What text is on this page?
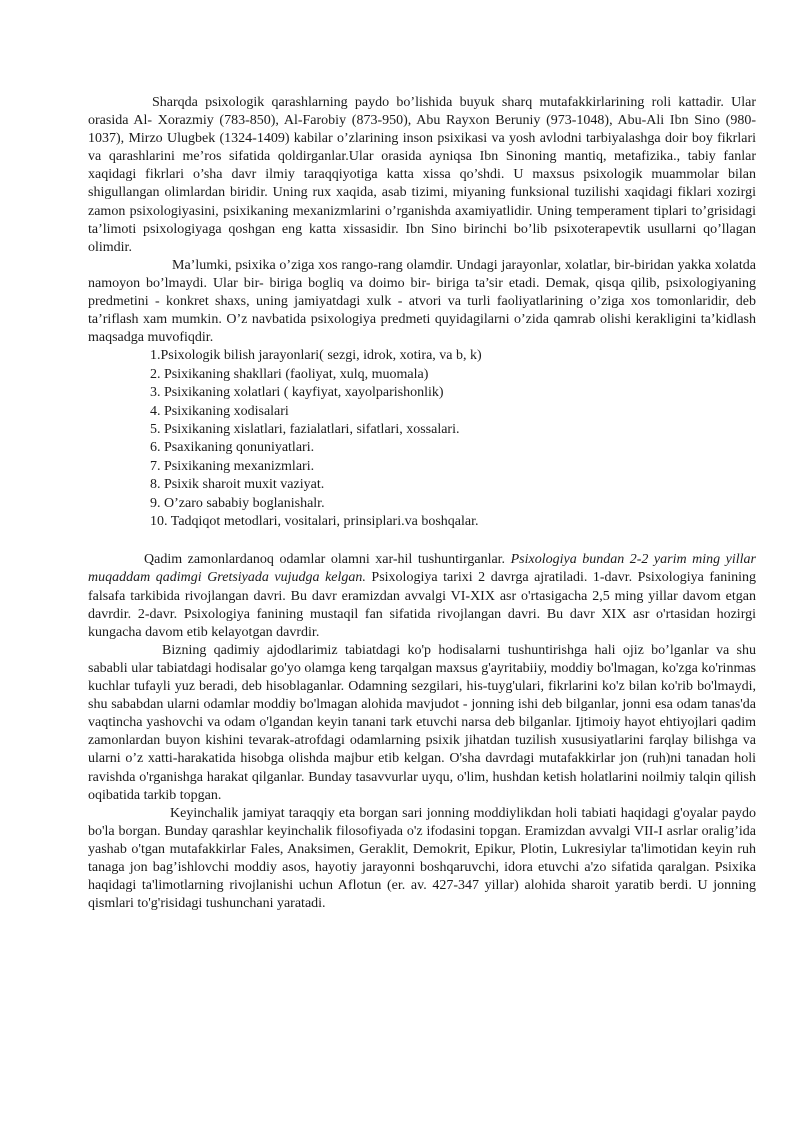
Sharqda psixologik qarashlarning paydo bo’lishida buyuk sharq mutafakkirlarining roli kattadir. Ular orasida Al- Xorazmiy (783-850), Al-Farobiy (873-950), Abu Rayxon Beruniy (973-1048), Abu-Ali Ibn Sino (980-1037), Mirzo Ulugbek (1324-1409) kabilar o’zlarining inson psixikasi va yosh avlodni tarbiyalashga doir boy fikrlari va qarashlarini me’ros sifatida qoldirganlar.Ular orasida ayniqsa Ibn Sinoning mantiq, metafizika., tabiy fanlar xaqidagi fikrlari o’sha davr ilmiy taraqqiyotiga katta xissa qo’shdi. U maxsus psixologik muammolar bilan shigullangan olimlardan biridir. Uning rux xaqida, asab tizimi, miyaning funksional tuzilishi xaqidagi fiklari xozirgi zamon psixologiyasini, psixikaning mexanizmlarini o’rganishda axamiyatlidir. Uning temperament tiplari to’grisidagi ta’limoti psixologiyaga qoshgan eng katta xissasidir. Ibn Sino birinchi bo’lib psixoterapevtik usullarni qo’llagan olimdir.

Ma’lumki, psixika o’ziga xos rango-rang olamdir. Undagi jarayonlar, xolatlar, bir-biridan yakka xolatda namoyon bo’lmaydi. Ular bir- biriga bogliq va doimo bir- biriga ta’sir etadi. Demak, qisqa qilib, psixologiyaning predmetini - konkret shaxs, uning jamiyatdagi xulk - atvori va turli faoliyatlarining o’ziga xos tomonlaridir, deb ta’riflash xam mumkin. O’z navbatida psixologiya predmeti quyidagilarni o’zida qamrab olishi kerakligini ta’kidlash maqsadga muvofiqdir.

1.Psixologik bilish jarayonlari( sezgi, idrok, xotira, va b, k)
2. Psixikaning shakllari (faoliyat, xulq, muomala)
3. Psixikaning xolatlari ( kayfiyat, xayolparishonlik)
4. Psixikaning xodisalari
5. Psixikaning xislatlari, fazialatlari, sifatlari, xossalari.
6. Psaxikaning qonuniyatlari.
7. Psixikaning mexanizmlari.
8. Psixik sharoit muxit vaziyat.
9. O’zaro sababiy boglanishalr.
10. Tadqiqot metodlari, vositalari, prinsiplari.va boshqalar.

Qadim zamonlardanoq odamlar olamni xar-hil tushuntirganlar. Psixologiya bundan 2-2 yarim ming yillar muqaddam qadimgi Gretsiyada vujudga kelgan. Psixologiya tarixi 2 davrga ajratiladi. 1-davr. Psixologiya fanining falsafa tarkibida rivojlangan davri. Bu davr eramizdan avvalgi VI-XIX asr o'rtasigacha 2,5 ming yillar davom etgan davrdir. 2-davr. Psixologiya fanining mustaqil fan sifatida rivojlangan davri. Bu davr XIX asr o'rtasidan hozirgi kungacha davom etib kelayotgan davrdir.

Bizning qadimiy ajdodlarimiz tabiatdagi ko'p hodisalarni tushuntirishga hali ojiz bo’lganlar va shu sababli ular tabiatdagi hodisalar go'yo olamga keng tarqalgan maxsus g'ayritabiiy, moddiy bo'lmagan, ko'zga ko'rinmas kuchlar tufayli yuz beradi, deb hisoblaganlar. Odamning sezgilari, his-tuyg'ulari, fikrlarini ko'z bilan ko'rib bo'lmaydi, shu sababdan ularni odamlar moddiy bo'lmagan alohida mavjudot - jonning ishi deb bilganlar, jonni esa odam tanas'da vaqtincha yashovchi va odam o'lgandan keyin tanani tark etuvchi narsa deb bilganlar. Ijtimoiy hayot ehtiyojlari qadim zamonlardan buyon kishini tevarak-atrofdagi odamlarning psixik jihatdan tuzilish xususiyatlarini farqlay bilishga va ularni o’z xatti-harakatida hisobga olishda majbur etib kelgan. O'sha davrdagi mutafakkirlar jon (ruh)ni tanadan holi ravishda o'rganishga harakat qilganlar. Bunday tasavvurlar uyqu, o'lim, hushdan ketish holatlarini noilmiy talqin qilish oqibatida tarkib topgan.

Keyinchalik jamiyat taraqqiy eta borgan sari jonning moddiylikdan holi tabiati haqidagi g'oyalar paydo bo'la borgan. Bunday qarashlar keyinchalik filosofiyada o'z ifodasini topgan. Eramizdan avvalgi VII-I asrlar oralig’ida yashab o'tgan mutafakkirlar Fales, Anaksimen, Geraklit, Demokrit, Epikur, Plotin, Lukresiylar ta'limotidan keyin ruh tanaga jon bag’ishlovchi moddiy asos, hayotiy jarayonni boshqaruvchi, idora etuvchi a'zo sifatida qaralgan. Psixika haqidagi ta'limotlarning rivojlanishi uchun Aflotun (er. av. 427-347 yillar) alohida sharoit yaratib berdi. U jonning qismlari to'g'risidagi tushunchani yaratadi.
